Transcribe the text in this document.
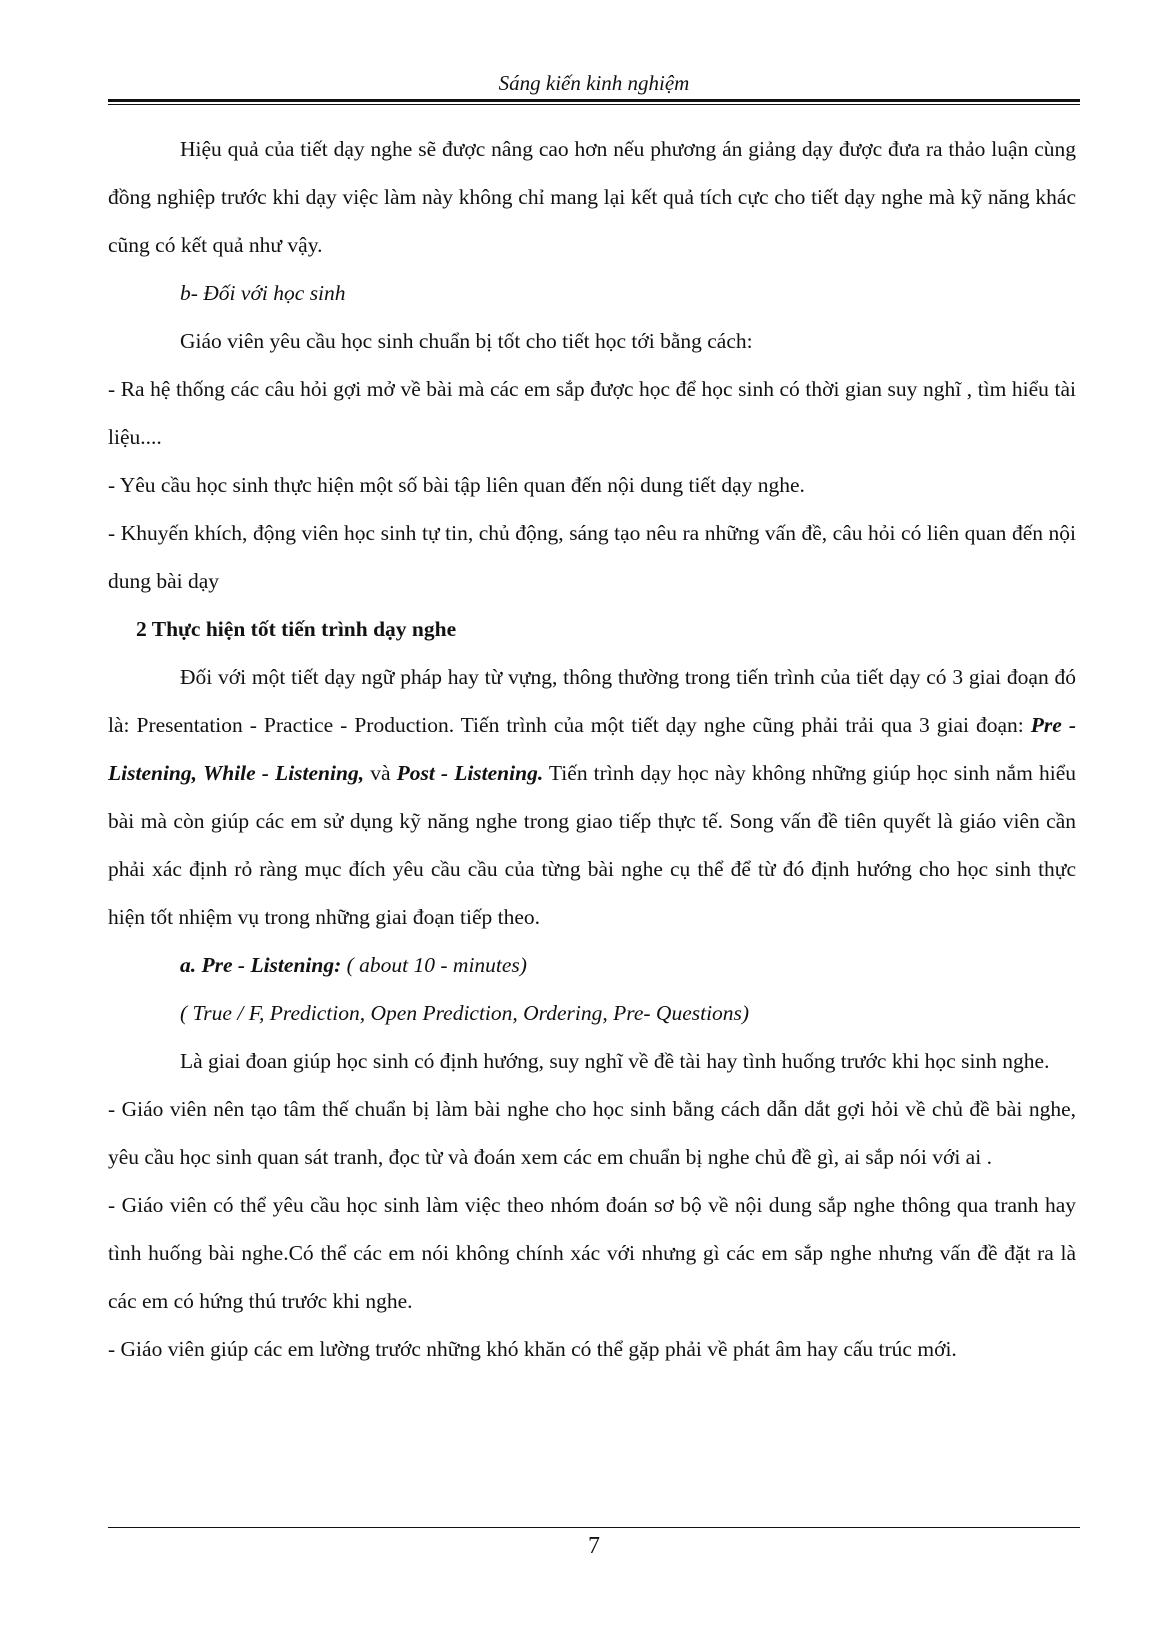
Sáng kiến kinh nghiệm

Hiệu quả của tiết dạy nghe sẽ được nâng cao hơn nếu phương án giảng dạy được đưa ra thảo luận cùng đồng nghiệp trước khi dạy việc làm này không chỉ mang lại kết quả tích cực cho tiết dạy nghe mà kỹ năng khác cũng có kết quả như vậy.

b- Đối với học sinh

Giáo viên yêu cầu học sinh chuẩn bị tốt cho tiết học tới bằng cách:

- Ra hệ thống các câu hỏi gợi mở về bài mà các em sắp được học để học sinh có thời gian suy nghĩ , tìm hiểu tài liệu....

- Yêu cầu học sinh thực hiện một số bài tập liên quan đến nội dung tiết dạy nghe.

- Khuyến khích, động viên học sinh tự tin, chủ động, sáng tạo nêu ra những vấn đề, câu hỏi có liên quan đến nội dung bài dạy

2 Thực hiện tốt tiến trình dạy nghe

Đối với một tiết dạy ngữ pháp hay từ vựng, thông thường trong tiến trình của tiết dạy có 3 giai đoạn đó là: Presentation - Practice - Production. Tiến trình của một tiết dạy nghe cũng phải trải qua 3 giai đoạn: Pre - Listening, While - Listening, và Post - Listening. Tiến trình dạy học này không những giúp học sinh nắm hiểu bài mà còn giúp các em sử dụng kỹ năng nghe trong giao tiếp thực tế. Song vấn đề tiên quyết là giáo viên cần phải xác định rỏ ràng mục đích yêu cầu cầu của từng bài nghe cụ thể để từ đó định hướng cho học sinh thực hiện tốt nhiệm vụ trong những giai đoạn tiếp theo.

a. Pre - Listening: ( about 10 - minutes)

( True / F, Prediction, Open Prediction, Ordering, Pre- Questions)

Là giai đoan giúp học sinh có định hướng, suy nghĩ về đề tài hay tình huống trước khi học sinh nghe.

- Giáo viên nên tạo tâm thế chuẩn bị làm bài nghe cho học sinh bằng cách dẫn dắt gợi hỏi về chủ đề bài nghe, yêu cầu học sinh quan sát tranh, đọc từ và đoán xem các em chuẩn bị nghe chủ đề gì, ai sắp nói với ai .

- Giáo viên có thể yêu cầu học sinh làm việc theo nhóm đoán sơ bộ về nội dung sắp nghe thông qua tranh hay tình huống bài nghe.Có thể các em nói không chính xác với nhưng gì các em sắp nghe nhưng vấn đề đặt ra là các em có hứng thú trước khi nghe.

- Giáo viên giúp các em lường trước những khó khăn có thể gặp phải về phát âm hay cấu trúc mới.

7
